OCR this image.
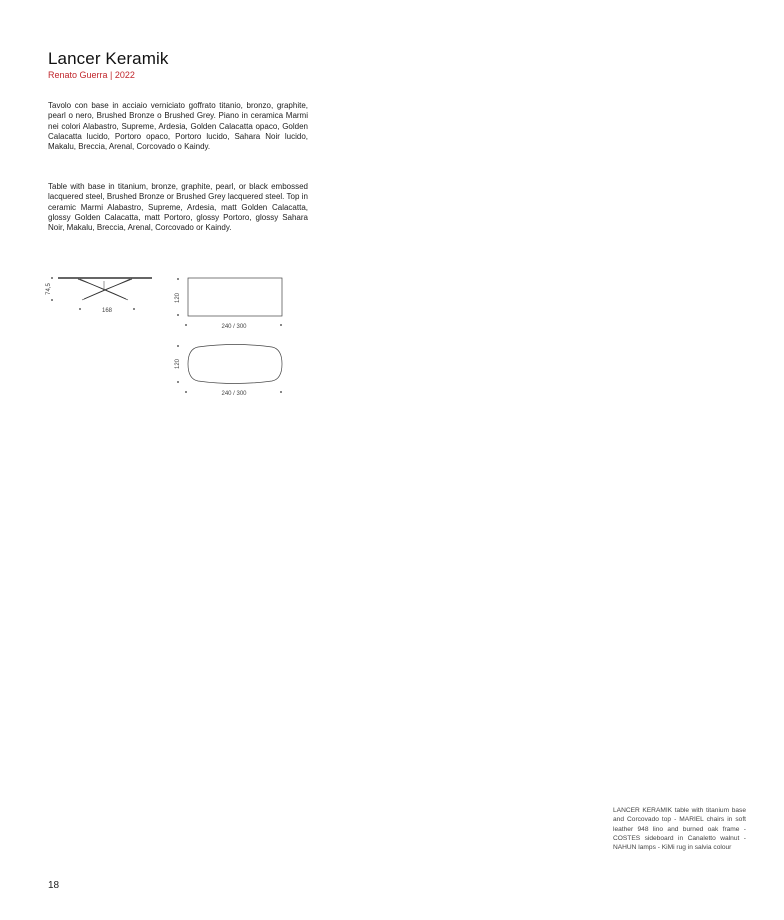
Lancer Keramik
Renato Guerra | 2022

Tavolo con base in acciaio verniciato goffrato titanio, bronzo, graphite, pearl o nero, Brushed Bronze o Brushed Grey. Piano in ceramica Marmi nei colori Alabastro, Supreme, Ardesia, Golden Calacatta opaco, Golden Calacatta lucido, Portoro opaco, Portoro lucido, Sahara Noir lucido, Makalu, Breccia, Arenal, Corcovado o Kaindy.

Table with base in titanium, bronze, graphite, pearl, or black embossed lacquered steel, Brushed Bronze or Brushed Grey lacquered steel. Top in ceramic Marmi Alabastro, Supreme, Ardesia, matt Golden Calacatta, glossy Golden Calacatta, matt Portoro, glossy Portoro, glossy Sahara Noir, Makalu, Breccia, Arenal, Corcovado or Kaindy.

74,5
168
120
240 / 300
120
240 / 300

LANCER KERAMIK table with titanium base and Corcovado top - MARIEL chairs in soft leather 948 lino and burned oak frame - COSTES sideboard in Canaletto walnut - NAHUN lamps - KiMi rug in salvia colour

18
